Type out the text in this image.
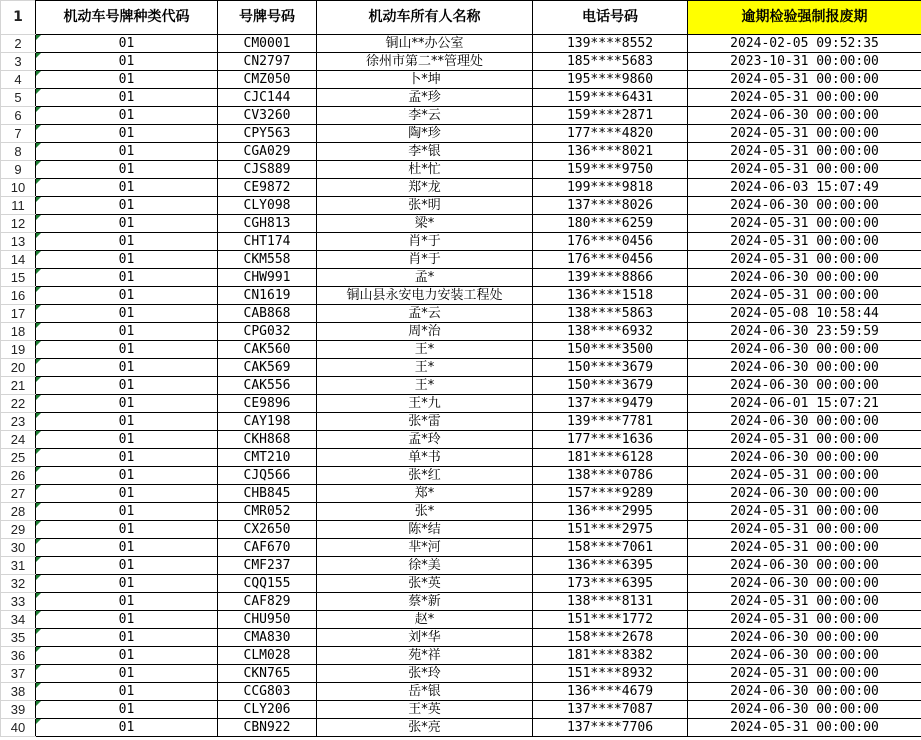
1	机动车号牌种类代码	号牌号码	机动车所有人名称	电话号码	逾期检验强制报废期
2	01	CM0001	铜山**办公室	139****8552	2024-02-05 09:52:35
3	01	CN2797	徐州市第二**管理处	185****5683	2023-10-31 00:00:00
4	01	CMZ050	卜*坤	195****9860	2024-05-31 00:00:00
5	01	CJC144	孟*珍	159****6431	2024-05-31 00:00:00
6	01	CV3260	李*云	159****2871	2024-06-30 00:00:00
7	01	CPY563	陶*珍	177****4820	2024-05-31 00:00:00
8	01	CGA029	李*银	136****8021	2024-05-31 00:00:00
9	01	CJS889	杜*忙	159****9750	2024-05-31 00:00:00
10	01	CE9872	郑*龙	199****9818	2024-06-03 15:07:49
11	01	CLY098	张*明	137****8026	2024-06-30 00:00:00
12	01	CGH813	梁*	180****6259	2024-05-31 00:00:00
13	01	CHT174	肖*于	176****0456	2024-05-31 00:00:00
14	01	CKM558	肖*于	176****0456	2024-05-31 00:00:00
15	01	CHW991	孟*	139****8866	2024-06-30 00:00:00
16	01	CN1619	铜山县永安电力安装工程处	136****1518	2024-05-31 00:00:00
17	01	CAB868	孟*云	138****5863	2024-05-08 10:58:44
18	01	CPG032	周*治	138****6932	2024-06-30 23:59:59
19	01	CAK560	王*	150****3500	2024-06-30 00:00:00
20	01	CAK569	王*	150****3679	2024-06-30 00:00:00
21	01	CAK556	王*	150****3679	2024-06-30 00:00:00
22	01	CE9896	王*九	137****9479	2024-06-01 15:07:21
23	01	CAY198	张*雷	139****7781	2024-06-30 00:00:00
24	01	CKH868	孟*玲	177****1636	2024-05-31 00:00:00
25	01	CMT210	单*书	181****6128	2024-06-30 00:00:00
26	01	CJQ566	张*红	138****0786	2024-05-31 00:00:00
27	01	CHB845	郑*	157****9289	2024-06-30 00:00:00
28	01	CMR052	张*	136****2995	2024-05-31 00:00:00
29	01	CX2650	陈*结	151****2975	2024-05-31 00:00:00
30	01	CAF670	芈*河	158****7061	2024-05-31 00:00:00
31	01	CMF237	徐*美	136****6395	2024-06-30 00:00:00
32	01	CQQ155	张*英	173****6395	2024-06-30 00:00:00
33	01	CAF829	蔡*新	138****8131	2024-05-31 00:00:00
34	01	CHU950	赵*	151****1772	2024-05-31 00:00:00
35	01	CMA830	刘*华	158****2678	2024-06-30 00:00:00
36	01	CLM028	苑*祥	181****8382	2024-06-30 00:00:00
37	01	CKN765	张*玲	151****8932	2024-05-31 00:00:00
38	01	CCG803	岳*银	136****4679	2024-06-30 00:00:00
39	01	CLY206	王*英	137****7087	2024-06-30 00:00:00
40	01	CBN922	张*亮	137****7706	2024-05-31 00:00:00
